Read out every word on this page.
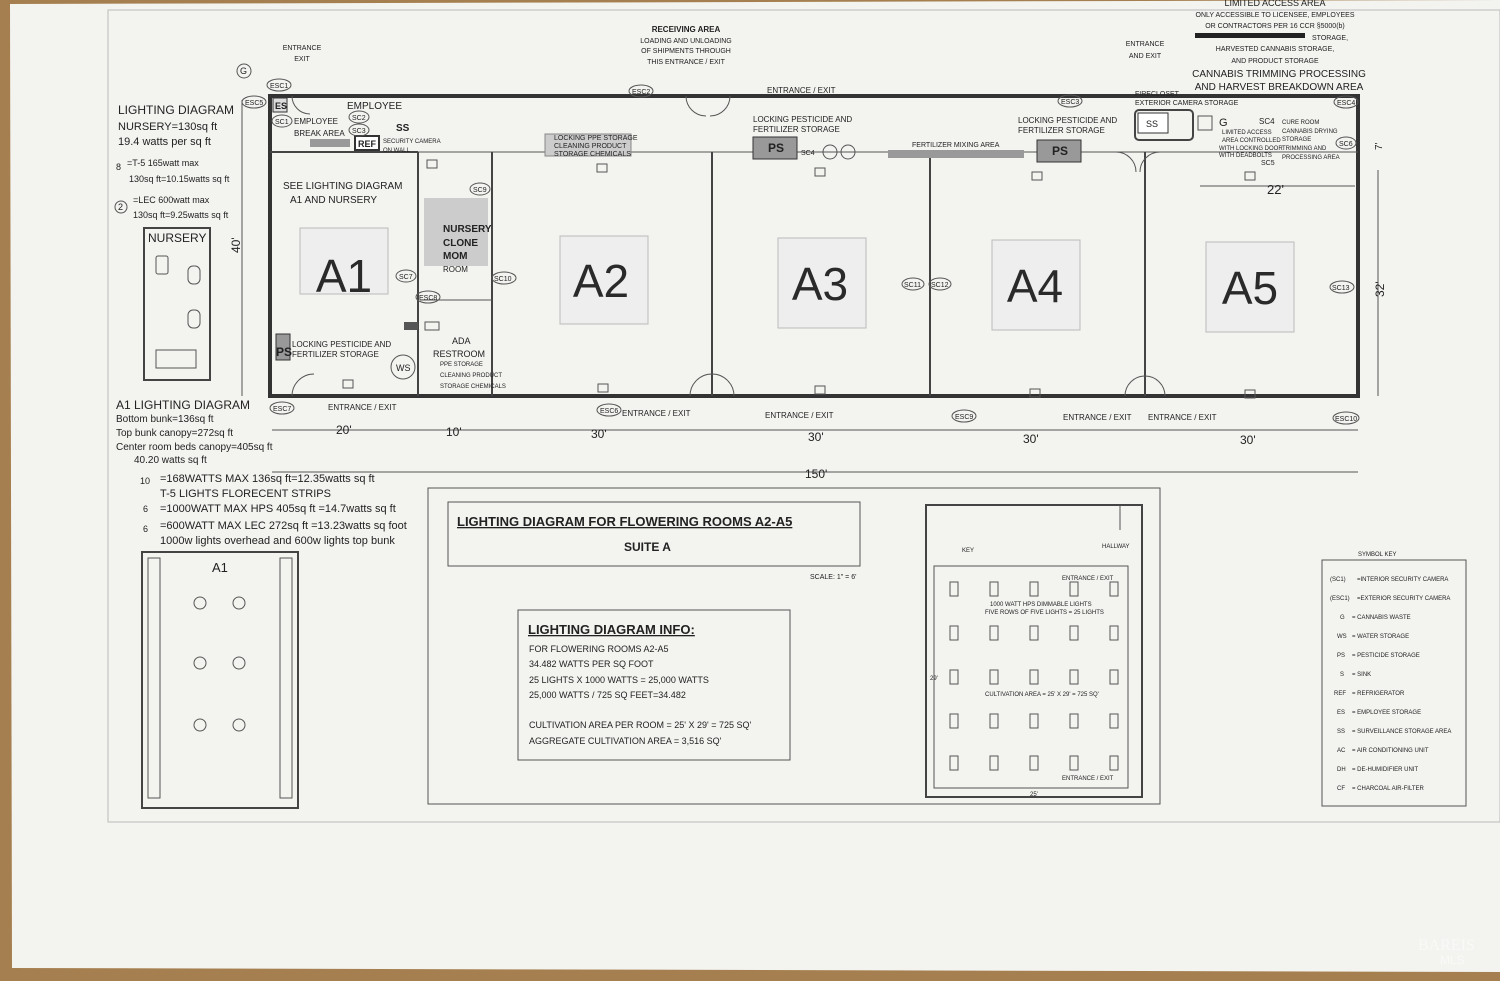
LIMITED ACCESS AREA
ONLY ACCESSIBLE TO LICENSEE, EMPLOYEES
OR CONTRACTORS PER 16 CCR §5000(b)
STORAGE,
HARVESTED CANNABIS STORAGE,
AND PRODUCT STORAGE
CANNABIS TRIMMING PROCESSING
AND HARVEST BREAKDOWN AREA
RECEIVING AREA
LOADING AND UNLOADING
OF SHIPMENTS THROUGH
THIS ENTRANCE / EXIT
ENTRANCE
EXIT
ENTRANCE
AND EXIT
LIGHTING DIAGRAM
NURSERY=130sq ft
19.4 watts per sq ft
8 =T-5 165watt max
130sq ft=10.15watts sq ft
2
=LEC 600watt max
130sq ft=9.25watts sq ft
NURSERY
A1 LIGHTING DIAGRAM
Bottom bunk=136sq ft
Top bunk canopy=272sq ft
Center room beds canopy=405sq ft
40.20 watts sq ft
10 =168WATTS MAX 136sq ft=12.35watts sq ft
T-5 LIGHTS FLORECENT STRIPS
6 =1000WATT MAX HPS 405sq ft =14.7watts sq ft
6 =600WATT MAX LEC 272sq ft =13.23watts sq foot
1000w lights overhead and 600w lights top bunk
A1
A1	A2	A3	A4	A5
ES	EMPLOYEE
EMPLOYEE
BREAK AREA	SS
SECURITY CAMERA
ON WALL
REF
SEE LIGHTING DIAGRAM
A1 AND NURSERY
NURSERY
CLONE
MOM
ROOM
ADA
RESTROOM
PPE STORAGE
CLEANING PRODUCT
STORAGE CHEMICALS
PS
LOCKING PESTICIDE AND
FERTILIZER STORAGE
WS
LOCKING PPE STORAGE
CLEANING PRODUCT
STORAGE CHEMICALS
LOCKING PESTICIDE AND
FERTILIZER STORAGE
PS	FERTILIZER MIXING AREA
LOCKING PESTICIDE AND
FERTILIZER STORAGE
PS
FIRECLOSET
EXTERIOR CAMERA STORAGE
SS	G
LIMITED ACCESS
AREA CONTROLLED
WITH LOCKING DOOR
WITH DEADBOLTS
CURE ROOM
CANNABIS DRYING
STORAGE
TRIMMING AND
PROCESSING AREA
ENTRANCE / EXIT
ENTRANCE / EXIT
ENTRANCE / EXIT	ENTRANCE / EXIT	ENTRANCE / EXIT ENTRANCE / EXIT
ESC1
ESC2
ESC3	ESC4
ESC5
ESC6
ESC7
ESC8
ESC9	ESC10
SC1
SC2
SC3
SC4
SC5
SC6
SC7
SC9
SC10
SC11 SC12	SC13
SC4
G
20'	10'	30'	30'	30'	30'
150'
40'
32'
7'
22'
LIGHTING DIAGRAM FOR FLOWERING ROOMS A2-A5
SUITE A
SCALE: 1" = 6'
LIGHTING DIAGRAM INFO:
FOR FLOWERING ROOMS A2-A5
34.482 WATTS PER SQ FOOT
25 LIGHTS X 1000 WATTS = 25,000 WATTS
25,000 WATTS / 725 SQ FEET=34.482
CULTIVATION AREA PER ROOM = 25' X 29' = 725 SQ'
AGGREGATE CULTIVATION AREA = 3,516 SQ'
KEY
HALLWAY
ENTRANCE / EXIT
ENTRANCE / EXIT
1000 WATT HPS DIMMABLE LIGHTS
FIVE ROWS OF FIVE LIGHTS = 25 LIGHTS
CULTIVATION AREA = 25' X 29' = 725 SQ'
29'
25'
SYMBOL KEY
(SC1) =INTERIOR SECURITY CAMERA
(ESC1) =EXTERIOR SECURITY CAMERA
G = CANNABIS WASTE
WS = WATER STORAGE
PS = PESTICIDE STORAGE
S = SINK
REF = REFRIGERATOR
ES = EMPLOYEE STORAGE
SS = SURVEILLANCE STORAGE AREA
AC = AIR CONDITIONING UNIT
DH = DE-HUMIDIFIER UNIT
CF = CHARCOAL AIR-FILTER
BAREIS
MLS
